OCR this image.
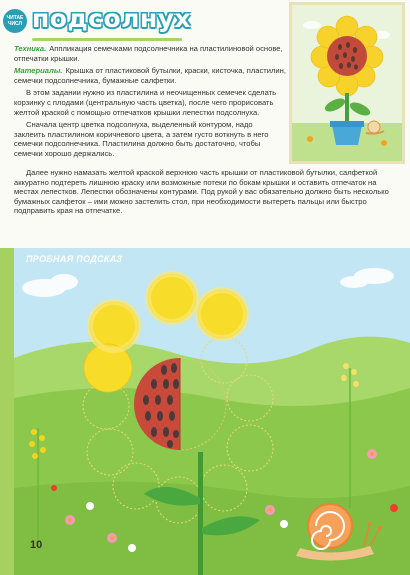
ЧИТАЕ ЧИСЛ подсолнух

Техника. Аппликация семечками подсолнечника на пластилиновой основе, отпечатки крышки.

Материалы. Крышка от пластиковой бутылки, краски, кисточка, пластилин, семечки подсолнечника, бумажные салфетки.

В этом задании нужно из пластилина и неочищенных семечек сделать корзинку с плодами (центральную часть цветка), после чего прорисовать желтой краской с помощью отпечатков крышки лепестки подсолнуха.

Сначала центр цветка подсолнуха, выделенный контуром, надо заклеить пластилином коричневого цвета, а затем густо воткнуть в него семечки подсолнечника. Пластилина должно быть достаточно, чтобы семечки хорошо держались.

Далее нужно намазать желтой краской верхнюю часть крышки от пластиковой бутылки, салфеткой аккуратно подтереть лишнюю краску или возможные потеки по бокам крышки и оставить отпечаток на местах лепестков. Лепестки обозначены контурами. Под рукой у вас обязательно должно быть несколько бумажных салфеток – ими можно застелить стол, при необходимости вытереть пальцы или быстро подправить края на отпечатке.

ПРОБНАЯ ПОДСКАЗ
10
